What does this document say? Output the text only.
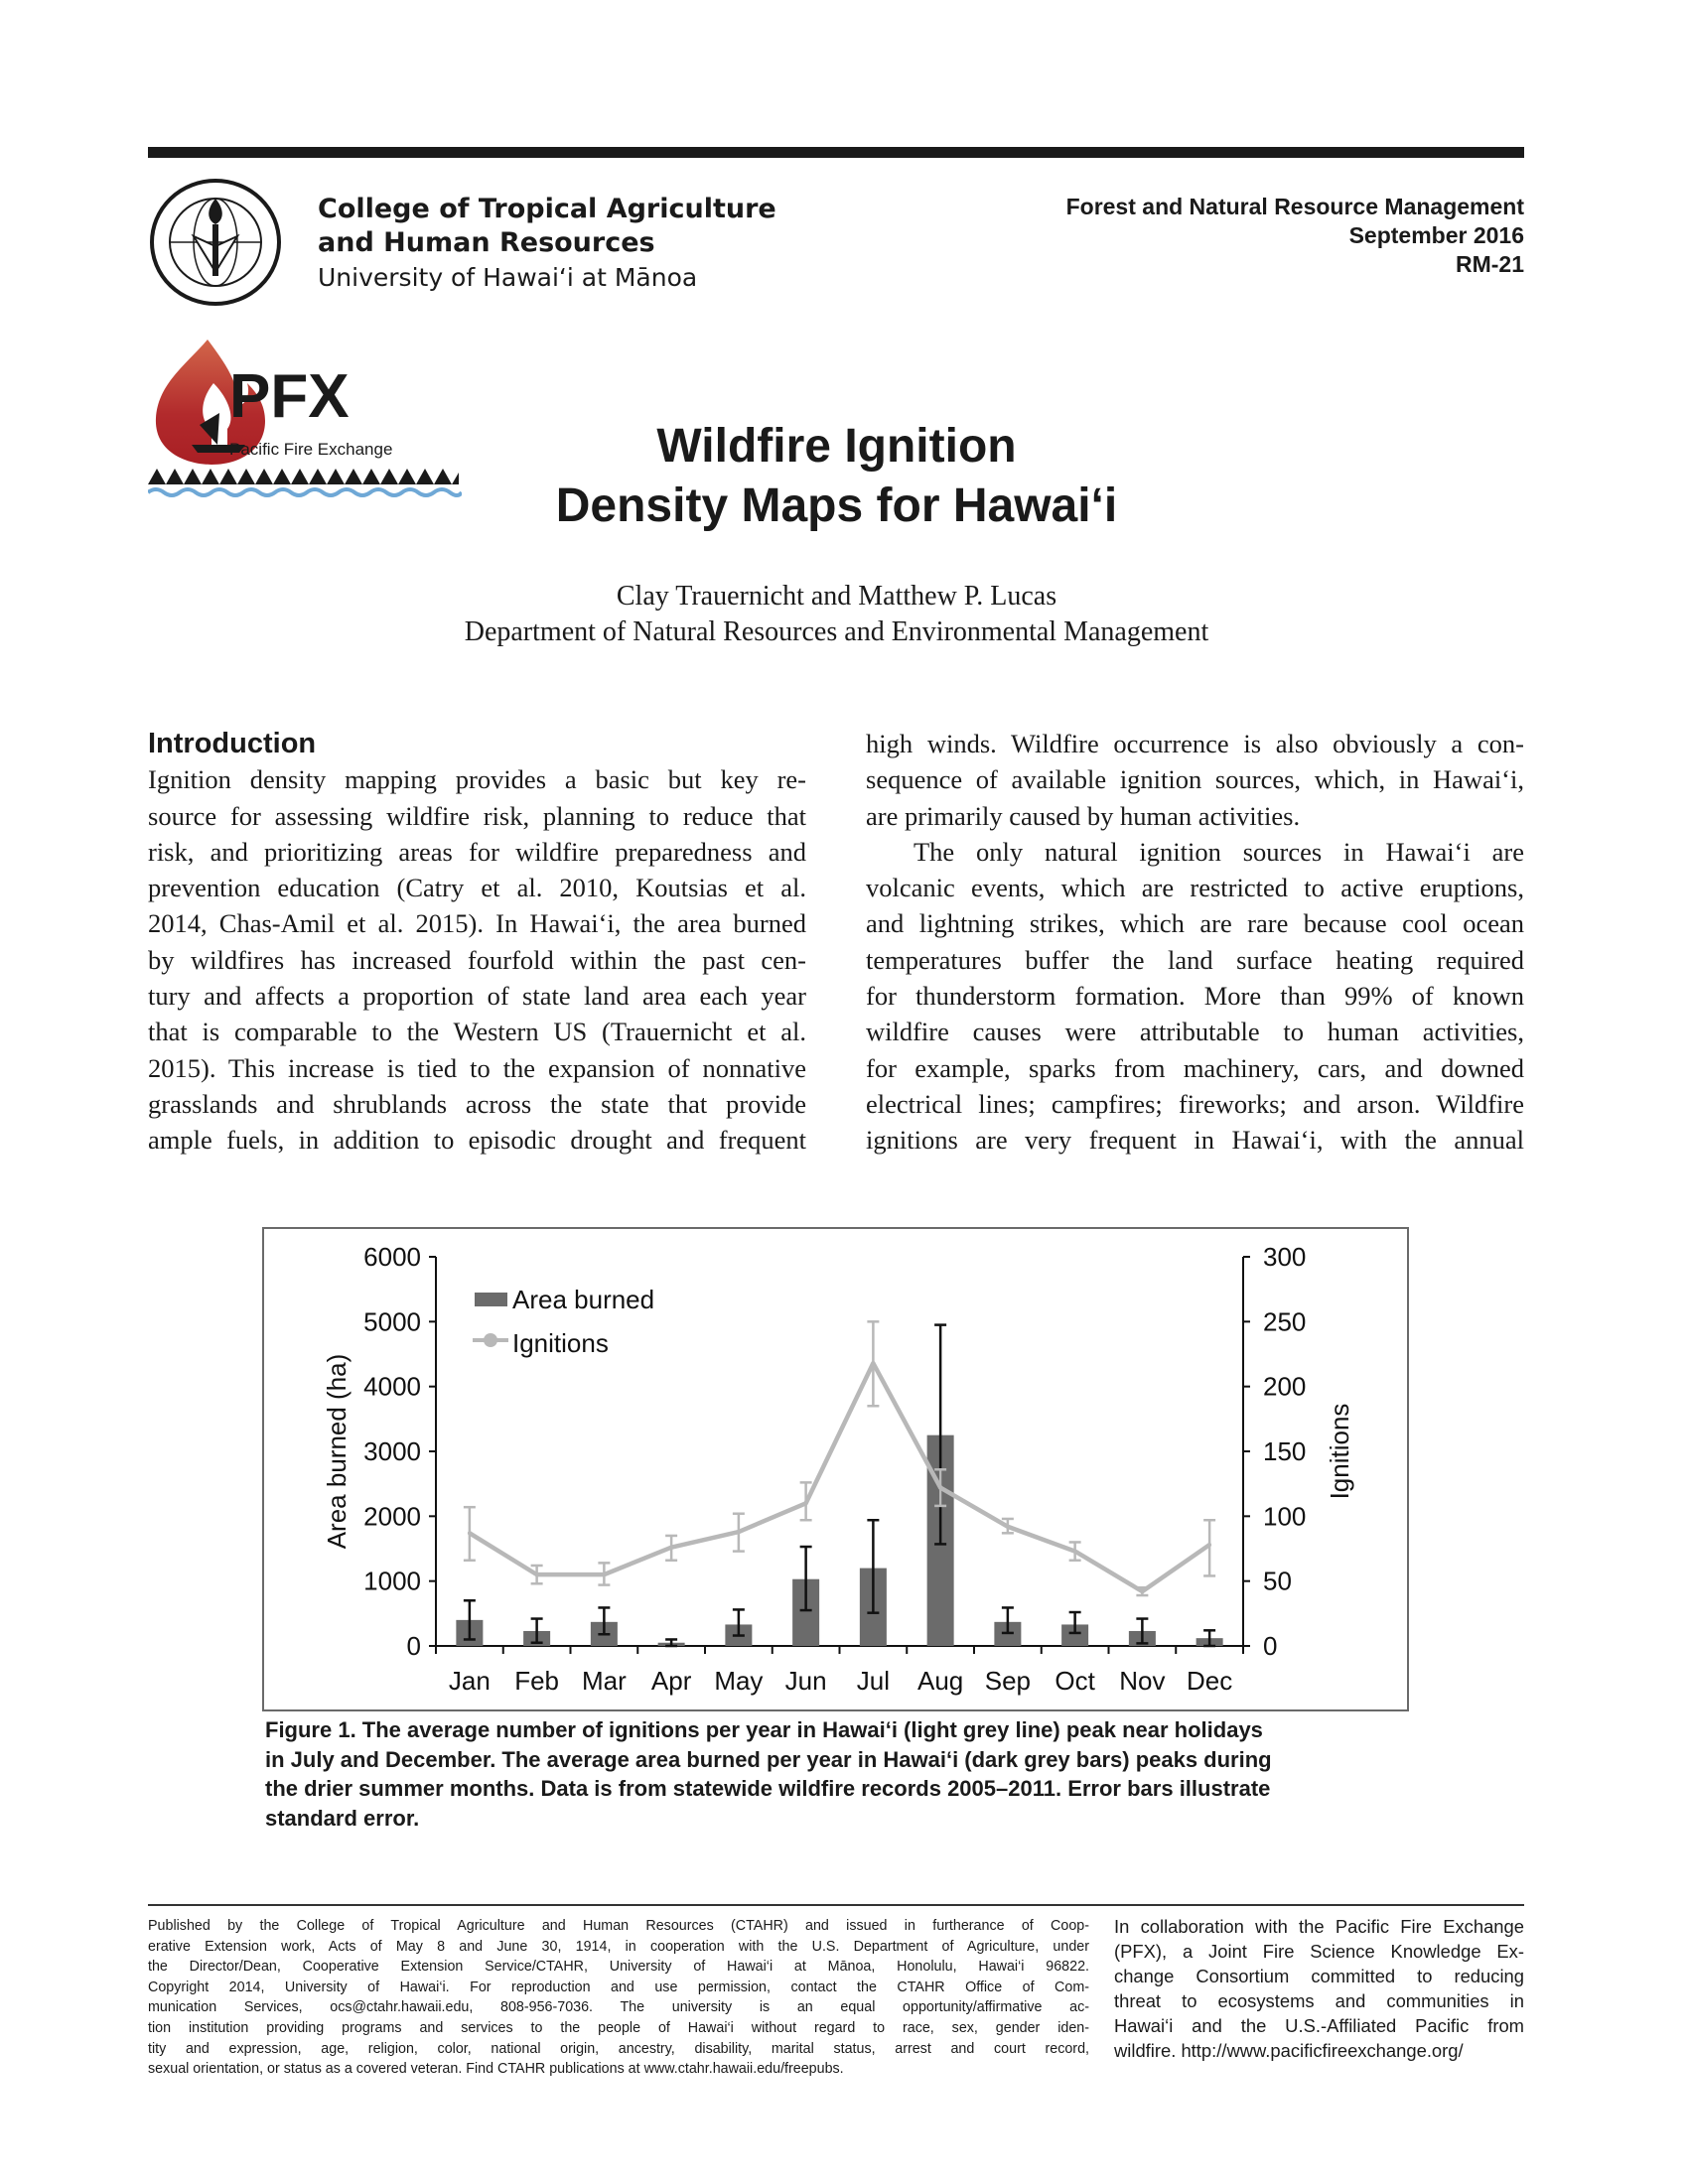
College of Tropical Agriculture
and Human Resources
University of Hawai‘i at Mānoa
Forest and Natural Resource Management
September 2016
RM-21
PFX
Pacific Fire Exchange	Wildfire Ignition
Density Maps for Hawai‘i
Clay Trauernicht and Matthew P. Lucas
Department of Natural Resources and Environmental Management
Introduction
Ignition density mapping provides a basic but key re-
source for assessing wildfire risk, planning to reduce that
risk, and prioritizing areas for wildfire preparedness and
prevention education (Catry et al. 2010, Koutsias et al.
2014, Chas-Amil et al. 2015). In Hawai‘i, the area burned
by wildfires has increased fourfold within the past cen-
tury and affects a proportion of state land area each year
that is comparable to the Western US (Trauernicht et al.
2015). This increase is tied to the expansion of nonnative
grasslands and shrublands across the state that provide
ample fuels, in addition to episodic drought and frequent
high winds. Wildfire occurrence is also obviously a con-
sequence of available ignition sources, which, in Hawai‘i,
are primarily caused by human activities.
The only natural ignition sources in Hawai‘i are
volcanic events, which are restricted to active eruptions,
and lightning strikes, which are rare because cool ocean
temperatures buffer the land surface heating required
for thunderstorm formation. More than 99% of known
wildfire causes were attributable to human activities,
for example, sparks from machinery, cars, and downed
electrical lines; campfires; fireworks; and arson. Wildfire
ignitions are very frequent in Hawai‘i, with the annual
0
1000
2000
3000
4000
5000
6000
0
50
100
150
200
250
300
Jan Feb Mar Apr May Jun Jul Aug Sep Oct Nov Dec
Area burned (ha)	Ignitions
Area burned
Ignitions
Figure 1. The average number of ignitions per year in Hawai‘i (light grey line) peak near holidays
in July and December. The average area burned per year in Hawai‘i (dark grey bars) peaks during
the drier summer months. Data is from statewide wildfire records 2005–2011. Error bars illustrate
standard error.
Published by the College of Tropical Agriculture and Human Resources (CTAHR) and issued in furtherance of Coop-
erative Extension work, Acts of May 8 and June 30, 1914, in cooperation with the U.S. Department of Agriculture, under
the Director/Dean, Cooperative Extension Service/CTAHR, University of Hawai‘i at Mānoa, Honolulu, Hawai‘i 96822.
Copyright 2014, University of Hawai‘i. For reproduction and use permission, contact the CTAHR Office of Com-
munication Services, ocs@ctahr.hawaii.edu, 808-956-7036. The university is an equal opportunity/affirmative ac-
tion institution providing programs and services to the people of Hawai‘i without regard to race, sex, gender iden-
tity and expression, age, religion, color, national origin, ancestry, disability, marital status, arrest and court record,
sexual orientation, or status as a covered veteran. Find CTAHR publications at www.ctahr.hawaii.edu/freepubs.
In collaboration with the Pacific Fire Exchange
(PFX), a Joint Fire Science Knowledge Ex-
change Consortium committed to reducing
threat to ecosystems and communities in
Hawai‘i and the U.S.-Affiliated Pacific from
wildfire. http://www.pacificfireexchange.org/
